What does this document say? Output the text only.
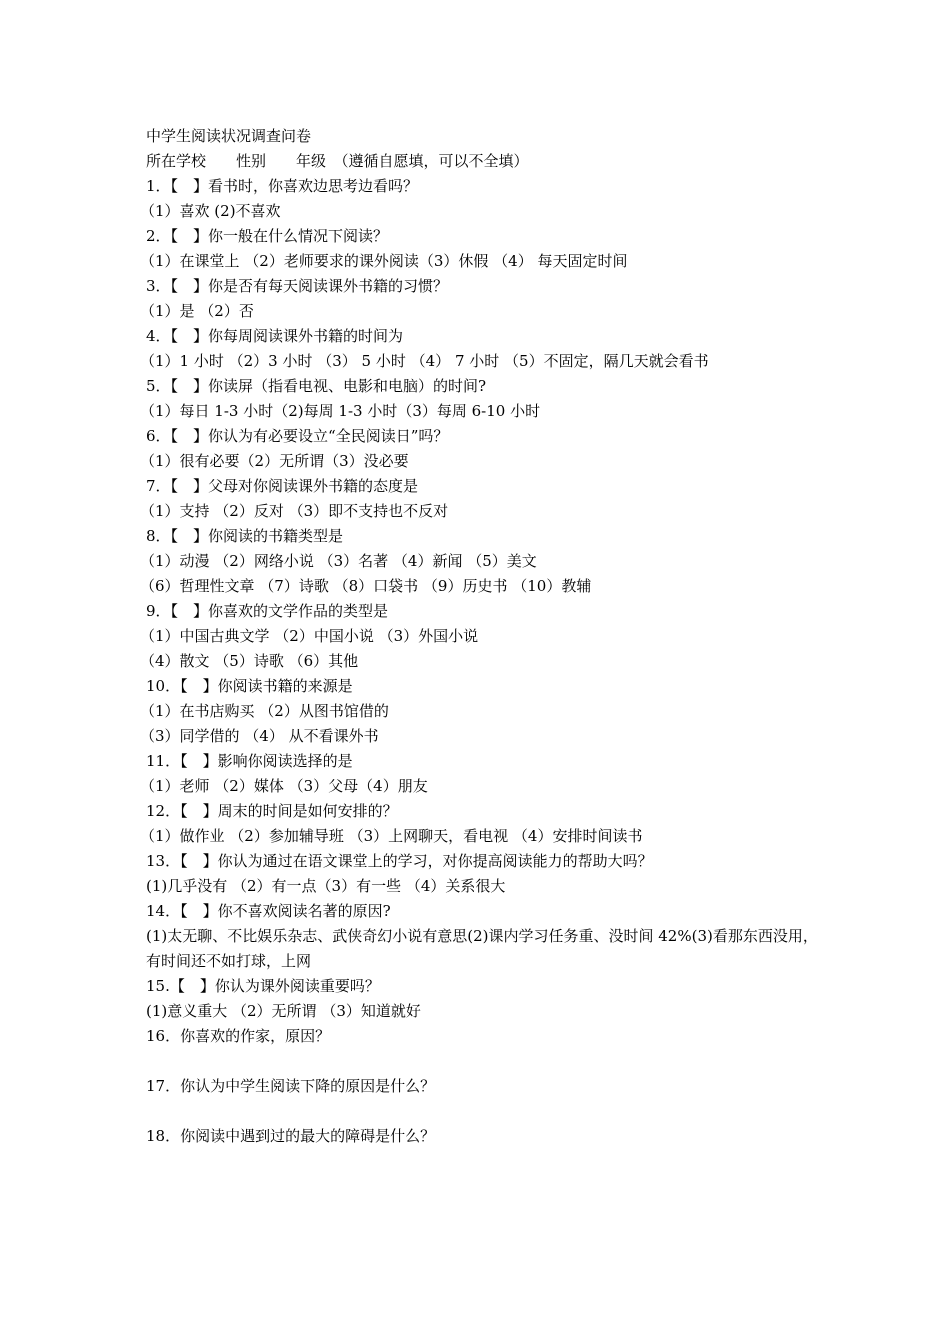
中学生阅读状况调查问卷
所在学校　　性别　　年级　（遵循自愿填，可以不全填）
1．【　】看书时，你喜欢边思考边看吗？
（1）喜欢 (2)不喜欢
2．【　】你一般在什么情况下阅读？
（1）在课堂上 （2）老师要求的课外阅读（3）休假 （4） 每天固定时间
3．【　】你是否有每天阅读课外书籍的习惯？
（1）是 （2）否
4．【　】你每周阅读课外书籍的时间为
（1）1 小时 （2）3 小时 （3） 5 小时 （4） 7 小时 （5）不固定，隔几天就会看书
5．【　】你读屏（指看电视、电影和电脑）的时间?
（1）每日 1-3 小时（2)每周 1-3 小时（3）每周 6-10 小时
6．【　】你认为有必要设立“全民阅读日”吗？
（1）很有必要（2）无所谓（3）没必要
7．【　】父母对你阅读课外书籍的态度是
（1）支持 （2）反对 （3）即不支持也不反对
8．【　】你阅读的书籍类型是
（1）动漫 （2）网络小说 （3）名著 （4）新闻 （5）美文
（6）哲理性文章 （7）诗歌 （8）口袋书 （9）历史书 （10）教辅
9．【　】你喜欢的文学作品的类型是
（1）中国古典文学 （2）中国小说 （3）外国小说
（4）散文 （5）诗歌 （6）其他
10．【　】你阅读书籍的来源是
（1）在书店购买 （2）从图书馆借的
（3）同学借的 （4） 从不看课外书
11．【　】影响你阅读选择的是
（1）老师 （2）媒体 （3）父母（4）朋友
12．【　】周末的时间是如何安排的？
（1）做作业 （2）参加辅导班 （3）上网聊天，看电视 （4）安排时间读书
13．【　】你认为通过在语文课堂上的学习，对你提高阅读能力的帮助大吗？
(1)几乎没有 （2）有一点（3）有一些 （4）关系很大
14．【　】你不喜欢阅读名著的原因?
(1)太无聊、不比娱乐杂志、武侠奇幻小说有意思(2)课内学习任务重、没时间 42%(3)看那东西没用，有时间还不如打球，上网
15.【　】你认为课外阅读重要吗？
(1)意义重大 （2）无所谓 （3）知道就好
16．你喜欢的作家，原因？
17．你认为中学生阅读下降的原因是什么？
18．你阅读中遇到过的最大的障碍是什么？
